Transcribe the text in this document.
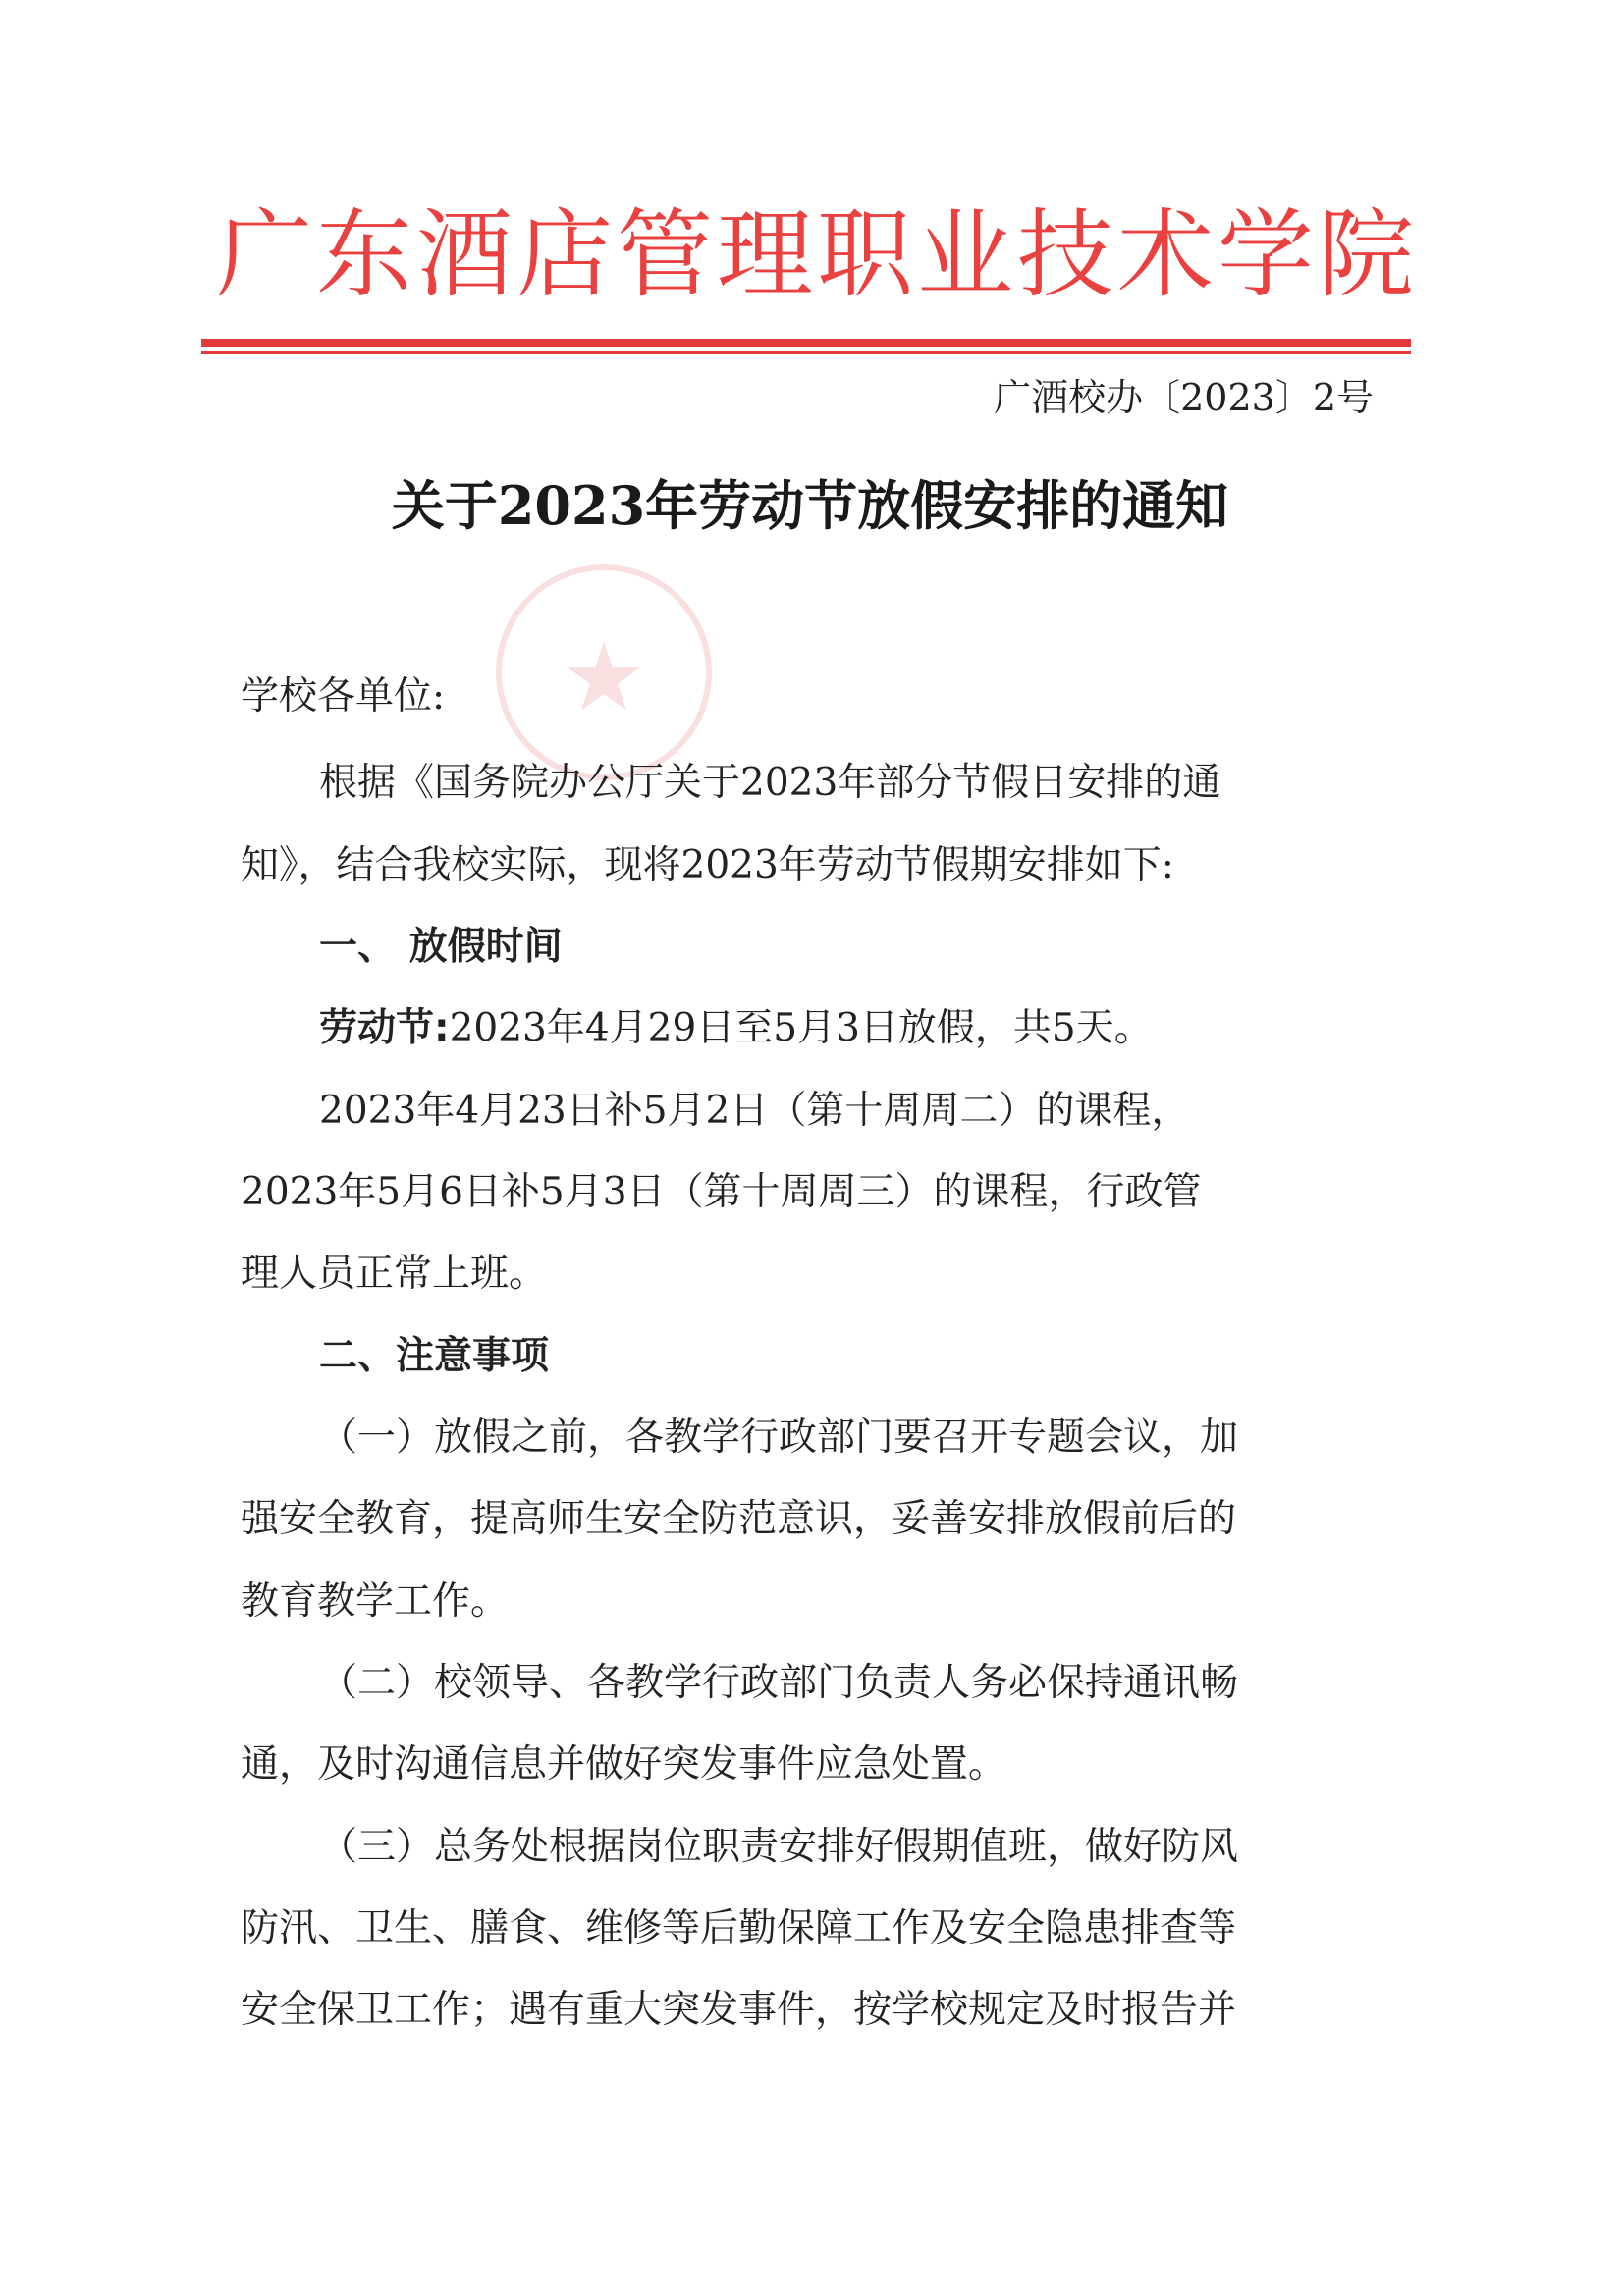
广东酒店管理职业技术学院
广酒校办〔2023〕2号
关于2023年劳动节放假安排的通知
★
学校各单位:
根据《国务院办公厅关于2023年部分节假日安排的通
知》，结合我校实际，现将2023年劳动节假期安排如下:
一、 放假时间
劳动节:2023年4月29日至5月3日放假，共5天。
2023年4月23日补5月2日（第十周周二）的课程，
2023年5月6日补5月3日（第十周周三）的课程，行政管
理人员正常上班。
二、注意事项
（一）放假之前，各教学行政部门要召开专题会议，加
强安全教育，提高师生安全防范意识，妥善安排放假前后的
教育教学工作。
（二）校领导、各教学行政部门负责人务必保持通讯畅
通，及时沟通信息并做好突发事件应急处置。
（三）总务处根据岗位职责安排好假期值班，做好防风
防汛、卫生、膳食、维修等后勤保障工作及安全隐患排查等
安全保卫工作；遇有重大突发事件，按学校规定及时报告并
